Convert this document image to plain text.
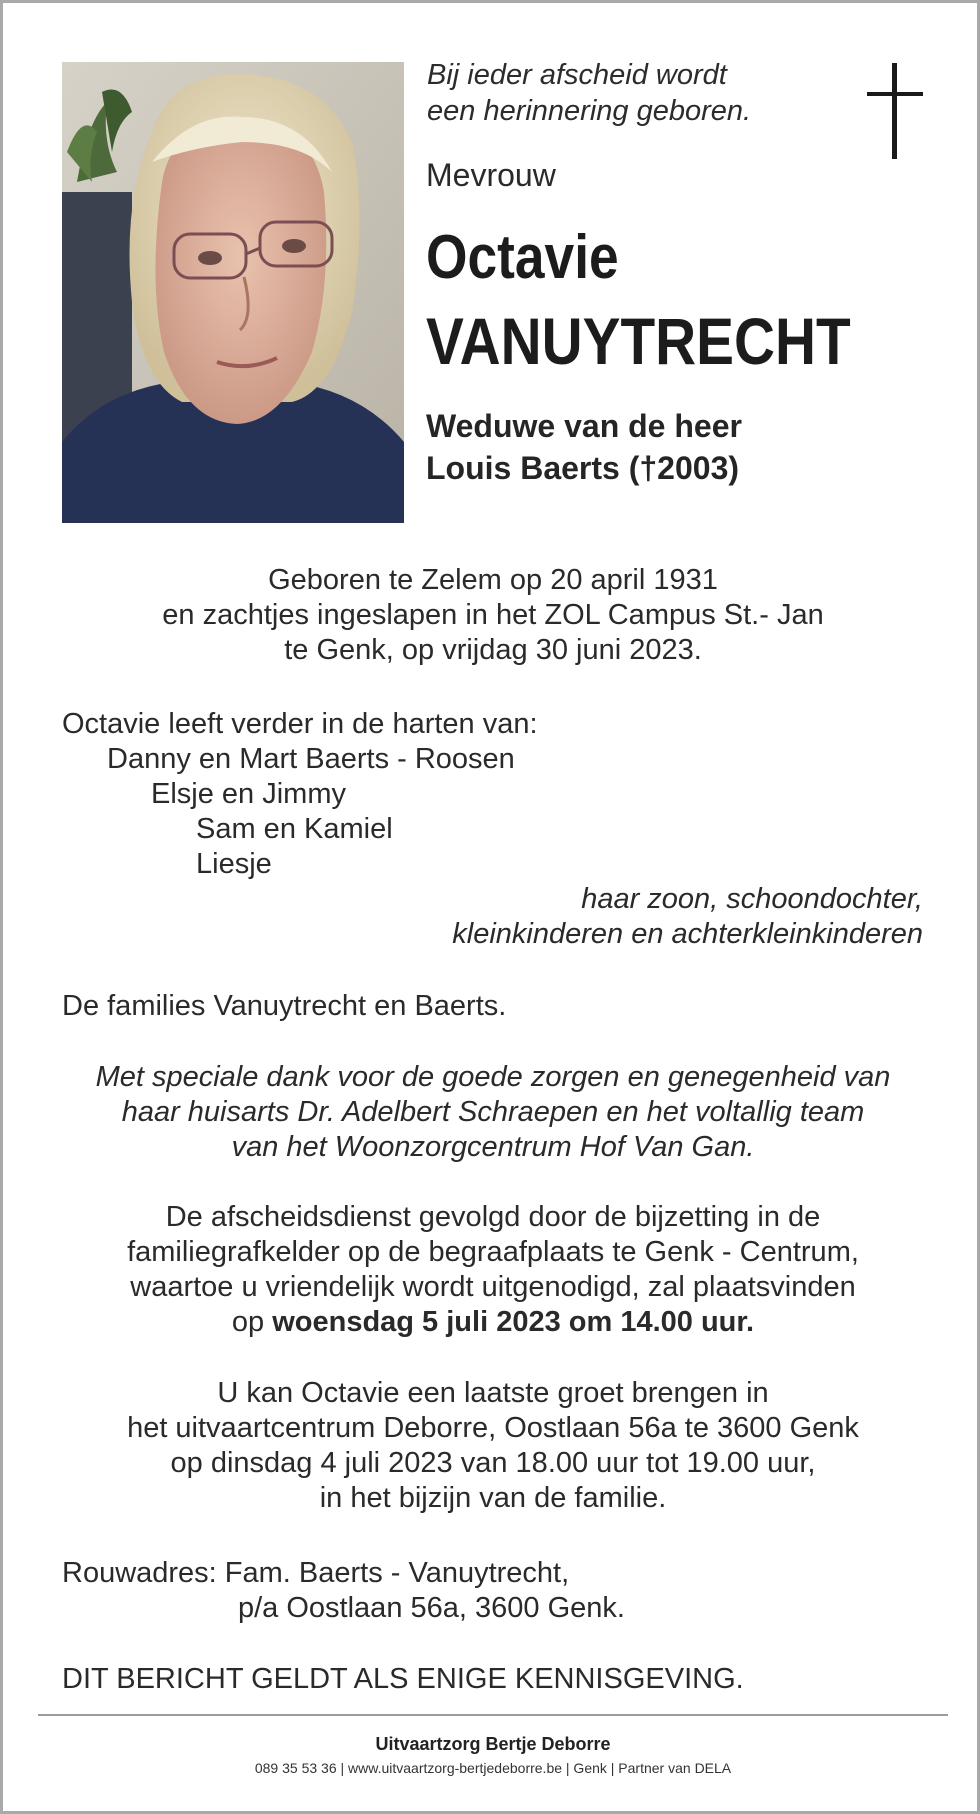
Bij ieder afscheid wordt
een herinnering geboren.
Mevrouw
Octavie
VANUYTRECHT
Weduwe van de heer
Louis Baerts (†2003)
Geboren te Zelem op 20 april 1931
en zachtjes ingeslapen in het ZOL Campus St.- Jan
te Genk, op vrijdag 30 juni 2023.
Octavie leeft verder in de harten van:
Danny en Mart Baerts - Roosen
Elsje en Jimmy
Sam en Kamiel
Liesje
haar zoon, schoondochter,
kleinkinderen en achterkleinkinderen
De families Vanuytrecht en Baerts.
Met speciale dank voor de goede zorgen en genegenheid van
haar huisarts Dr. Adelbert Schraepen en het voltallig team
van het Woonzorgcentrum Hof Van Gan.
De afscheidsdienst gevolgd door de bijzetting in de
familiegrafkelder op de begraafplaats te Genk - Centrum,
waartoe u vriendelijk wordt uitgenodigd, zal plaatsvinden
op woensdag 5 juli 2023 om 14.00 uur.
U kan Octavie een laatste groet brengen in
het uitvaartcentrum Deborre, Oostlaan 56a te 3600 Genk
op dinsdag 4 juli 2023 van 18.00 uur tot 19.00 uur,
in het bijzijn van de familie.
Rouwadres: Fam. Baerts - Vanuytrecht,
p/a Oostlaan 56a, 3600 Genk.
DIT BERICHT GELDT ALS ENIGE KENNISGEVING.
Uitvaartzorg Bertje Deborre
089 35 53 36 | www.uitvaartzorg-bertjedeborre.be | Genk | Partner van DELA
